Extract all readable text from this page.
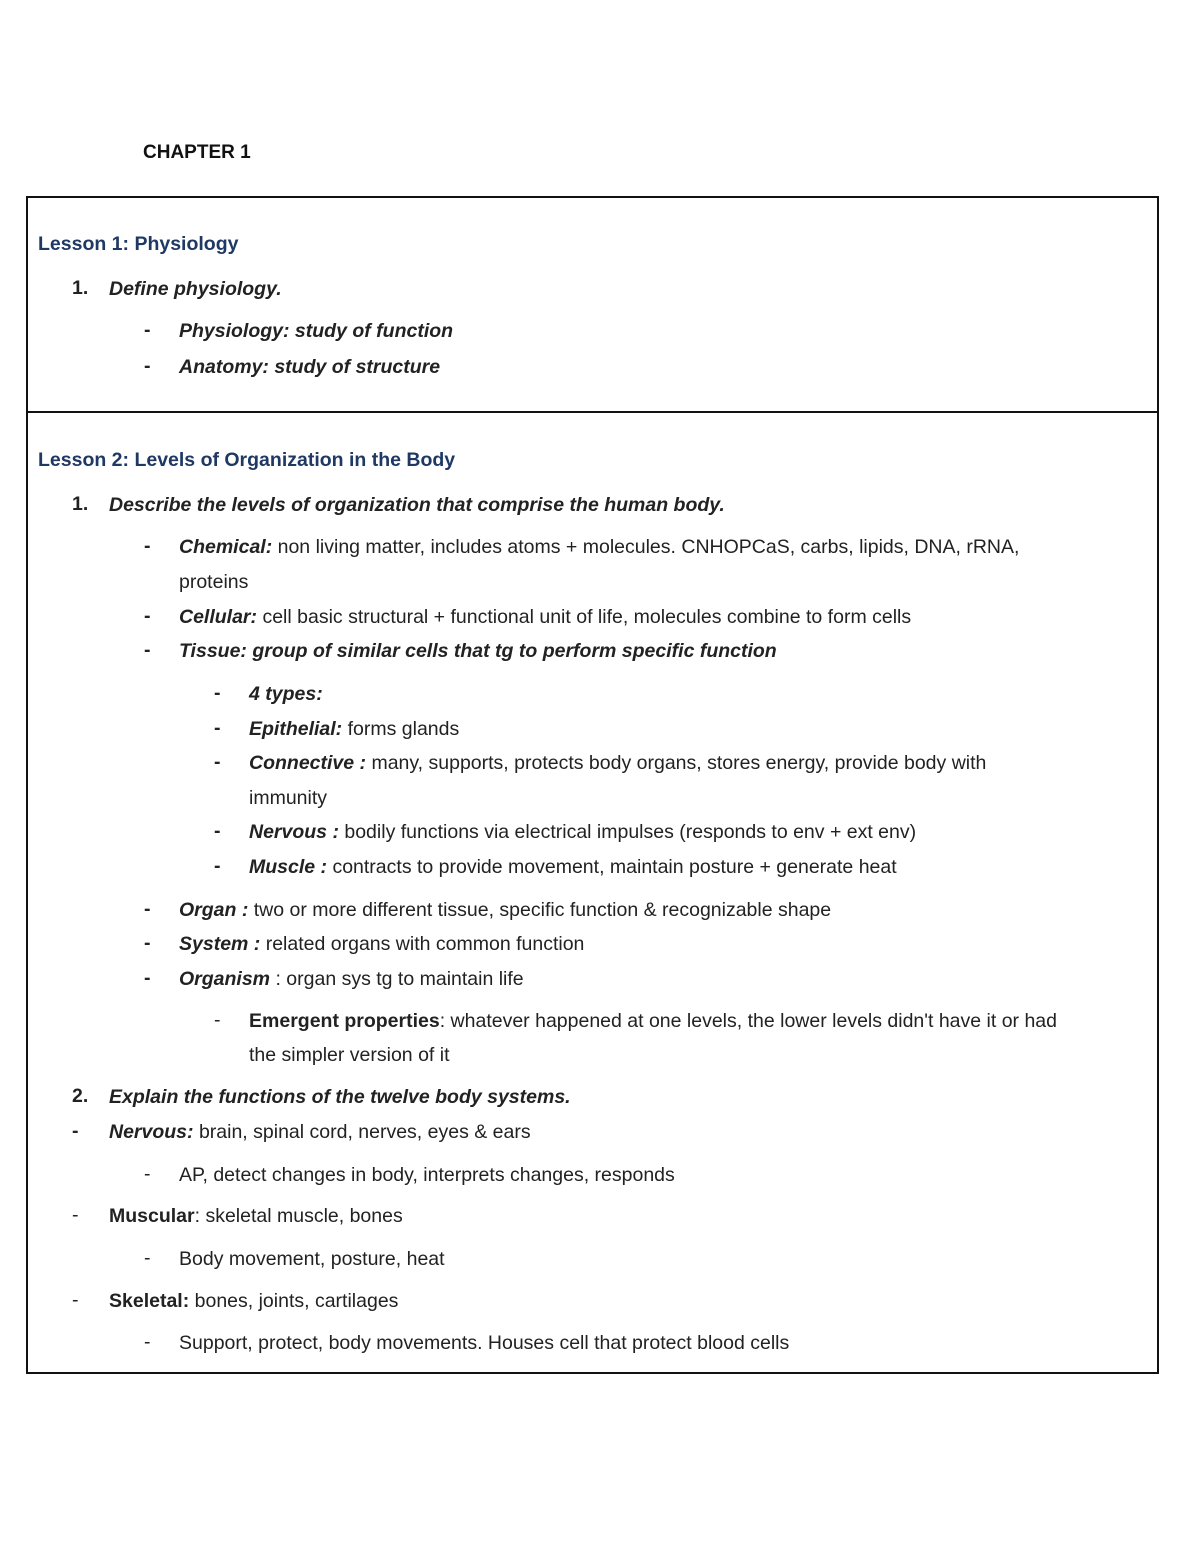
CHAPTER 1
Lesson 1: Physiology
1. Define physiology.
- Physiology: study of function
- Anatomy: study of structure
Lesson 2: Levels of Organization in the Body
1. Describe the levels of organization that comprise the human body.
- Chemical: non living matter, includes atoms + molecules. CNHOPCaS, carbs, lipids, DNA, rRNA,
proteins
- Cellular: cell basic structural + functional unit of life, molecules combine to form cells
- Tissue: group of similar cells that tg to perform specific function
- 4 types:
- Epithelial: forms glands
- Connective : many, supports, protects body organs, stores energy, provide body with
immunity
- Nervous : bodily functions via electrical impulses (responds to env + ext env)
- Muscle : contracts to provide movement, maintain posture + generate heat
- Organ : two or more different tissue, specific function & recognizable shape
- System : related organs with common function
- Organism : organ sys tg to maintain life
- Emergent properties: whatever happened at one levels, the lower levels didn't have it or had
the simpler version of it
2. Explain the functions of the twelve body systems.
- Nervous: brain, spinal cord, nerves, eyes & ears
- AP, detect changes in body, interprets changes, responds
- Muscular: skeletal muscle, bones
- Body movement, posture, heat
- Skeletal: bones, joints, cartilages
- Support, protect, body movements. Houses cell that protect blood cells
